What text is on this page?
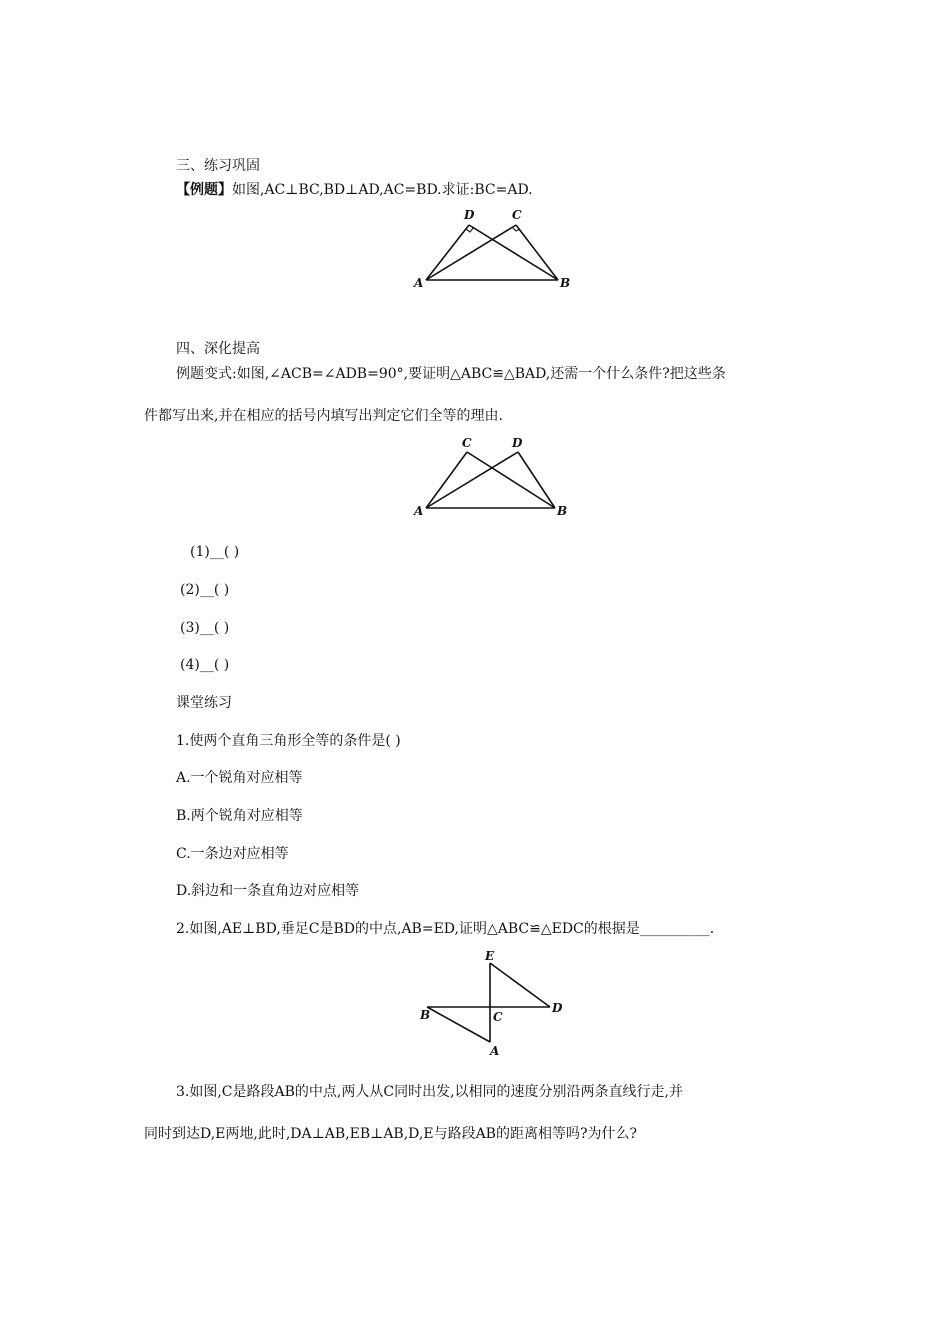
三、练习巩固
【例题】如图,AC⊥BC,BD⊥AD,AC=BD.求证:BC=AD.
D	C
A	B
四、深化提高
例题变式:如图,∠ACB=∠ADB=90°,要证明△ABC≌△BAD,还需一个什么条件?把这些条
件都写出来,并在相应的括号内填写出判定它们全等的理由.
C	D
A	B
(1)__( )
(2)__( )
(3)__( )
(4)__( )
课堂练习
1.使两个直角三角形全等的条件是( )
A.一个锐角对应相等
B.两个锐角对应相等
C.一条边对应相等
D.斜边和一条直角边对应相等
2.如图,AE⊥BD,垂足C是BD的中点,AB=ED,证明△ABC≌△EDC的根据是__________.
E
D
B	C
A
3.如图,C是路段AB的中点,两人从C同时出发,以相同的速度分别沿两条直线行走,并
同时到达D,E两地,此时,DA⊥AB,EB⊥AB,D,E与路段AB的距离相等吗?为什么?
